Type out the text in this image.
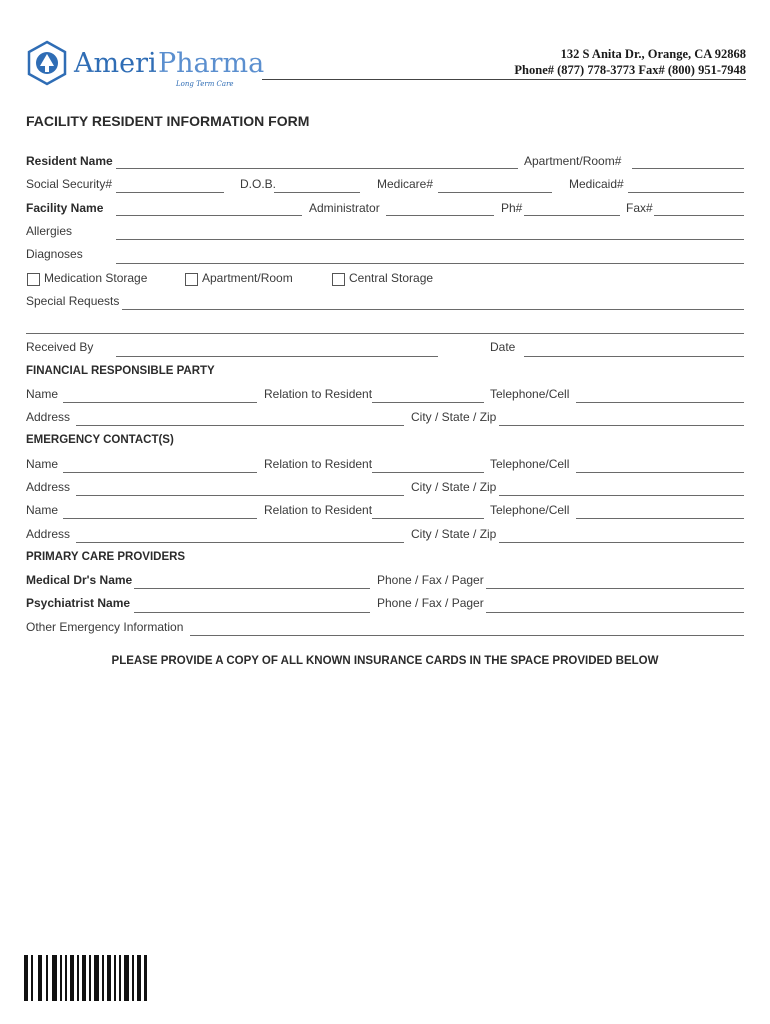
Ameri Pharma
Long Term Care
132 S Anita Dr., Orange, CA 92868
Phone# (877) 778-3773 Fax# (800) 951-7948
FACILITY RESIDENT INFORMATION FORM
Resident Name	Apartment/Room#
Social Security#	D.O.B.	Medicare#	Medicaid#
Facility Name	Administrator	Ph#	Fax#
Allergies
Diagnoses
Medication Storage	Apartment/Room	Central Storage
Special Requests
Received By	Date
FINANCIAL RESPONSIBLE PARTY
Name	Relation to Resident	Telephone/Cell
Address	City / State / Zip
EMERGENCY CONTACT(S)
Name	Relation to Resident	Telephone/Cell
Address	City / State / Zip
Name	Relation to Resident	Telephone/Cell
Address	City / State / Zip
PRIMARY CARE PROVIDERS
Medical Dr's Name	Phone / Fax / Pager
Psychiatrist Name	Phone / Fax / Pager
Other Emergency Information
PLEASE PROVIDE A COPY OF ALL KNOWN INSURANCE CARDS IN THE SPACE PROVIDED BELOW
